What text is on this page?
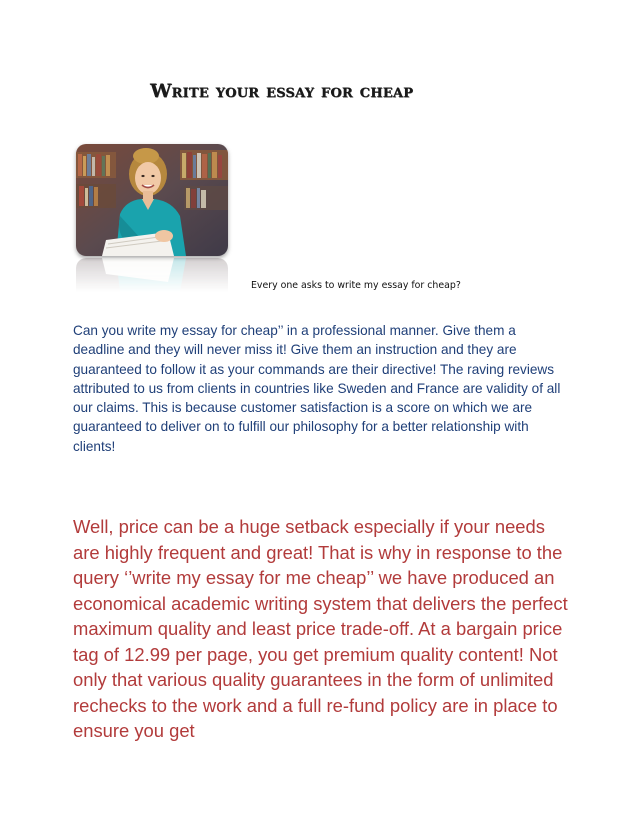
Write your essay for cheap
Every one asks to write my essay for cheap?

Can you write my essay for cheap’’ in a professional manner. Give them a deadline and they will never miss it! Give them an instruction and they are guaranteed to follow it as your commands are their directive! The raving reviews attributed to us from clients in countries like Sweden and France are validity of all our claims. This is because customer satisfaction is a score on which we are guaranteed to deliver on to fulfill our philosophy for a better relationship with clients!

Well, price can be a huge setback especially if your needs are highly frequent and great! That is why in response to the query ‘’write my essay for me cheap’’ we have produced an economical academic writing system that delivers the perfect maximum quality and least price trade-off. At a bargain price tag of 12.99 per page, you get premium quality content! Not only that various quality guarantees in the form of unlimited rechecks to the work and a full re-fund policy are in place to ensure you get
